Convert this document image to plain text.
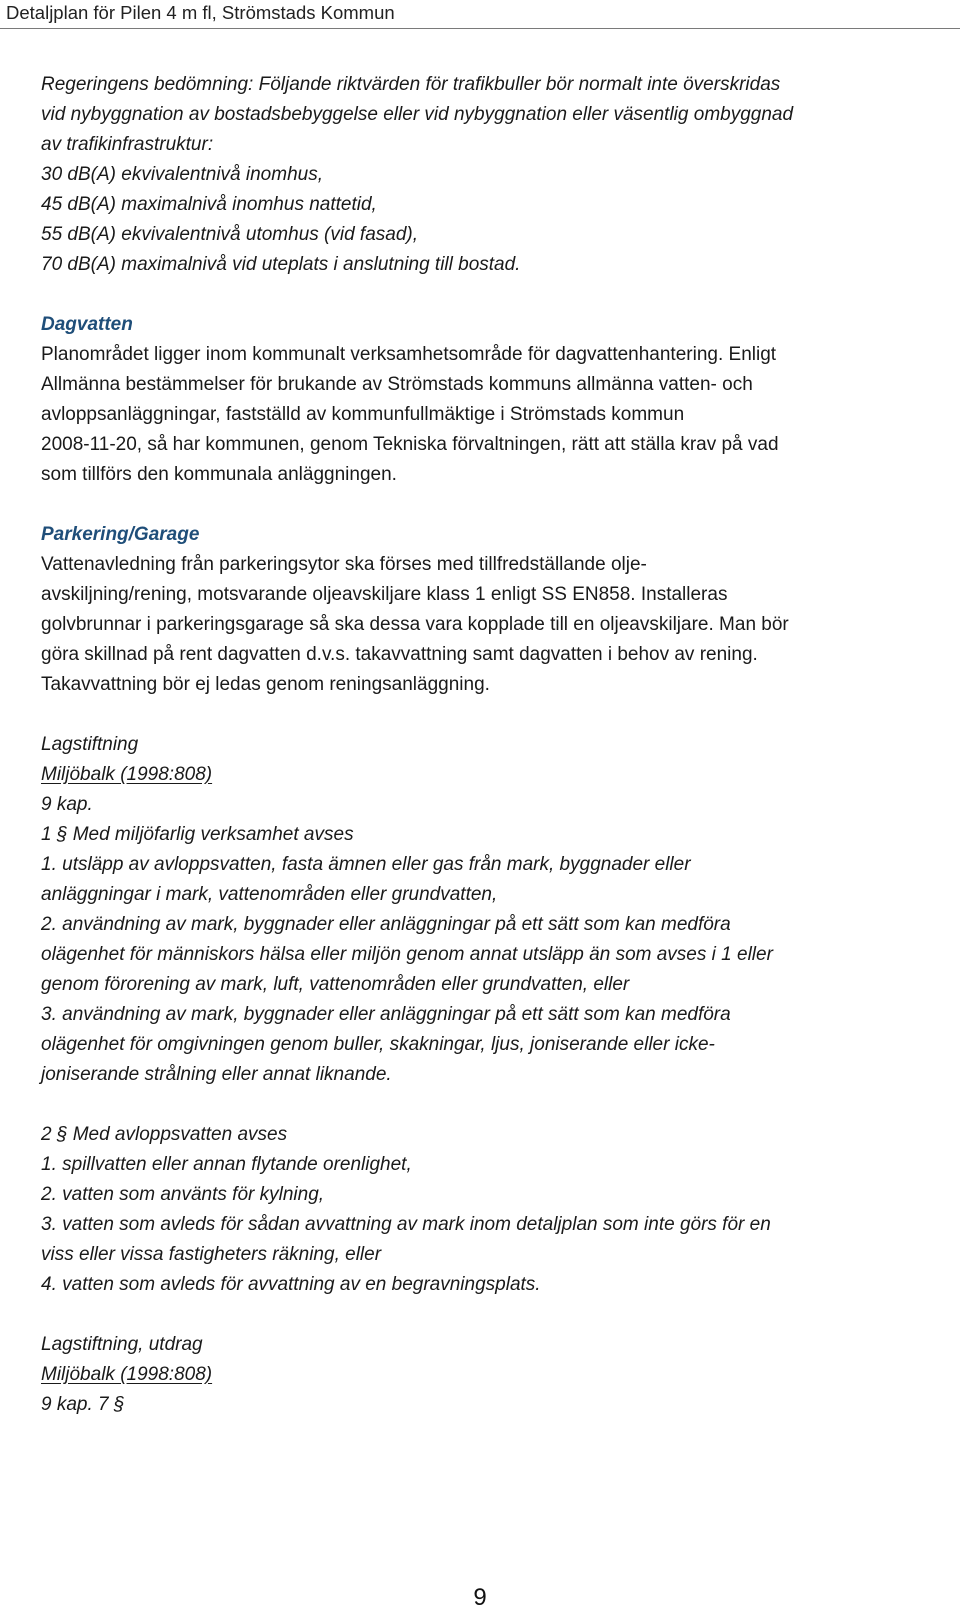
Detaljplan för Pilen 4 m fl, Strömstads Kommun
Regeringens bedömning: Följande riktvärden för trafikbuller bör normalt inte överskridas
vid nybyggnation av bostadsbebyggelse eller vid nybyggnation eller väsentlig ombyggnad
av trafikinfrastruktur:
30 dB(A) ekvivalentnivå inomhus,
45 dB(A) maximalnivå inomhus nattetid,
55 dB(A) ekvivalentnivå utomhus (vid fasad),
70 dB(A) maximalnivå vid uteplats i anslutning till bostad.
Dagvatten
Planområdet ligger inom kommunalt verksamhetsområde för dagvattenhantering. Enligt
Allmänna bestämmelser för brukande av Strömstads kommuns allmänna vatten- och
avloppsanläggningar, fastställd av kommunfullmäktige i Strömstads kommun
2008-11-20, så har kommunen, genom Tekniska förvaltningen, rätt att ställa krav på vad
som tillförs den kommunala anläggningen.
Parkering/Garage
Vattenavledning från parkeringsytor ska förses med tillfredställande olje-
avskiljning/rening, motsvarande oljeavskiljare klass 1 enligt SS EN858. Installeras
golvbrunnar i parkeringsgarage så ska dessa vara kopplade till en oljeavskiljare. Man bör
göra skillnad på rent dagvatten d.v.s. takavvattning samt dagvatten i behov av rening.
Takavvattning bör ej ledas genom reningsanläggning.
Lagstiftning
Miljöbalk (1998:808)
9 kap.
1 § Med miljöfarlig verksamhet avses
1. utsläpp av avloppsvatten, fasta ämnen eller gas från mark, byggnader eller
anläggningar i mark, vattenområden eller grundvatten,
2. användning av mark, byggnader eller anläggningar på ett sätt som kan medföra
olägenhet för människors hälsa eller miljön genom annat utsläpp än som avses i 1 eller
genom förorening av mark, luft, vattenområden eller grundvatten, eller
3. användning av mark, byggnader eller anläggningar på ett sätt som kan medföra
olägenhet för omgivningen genom buller, skakningar, ljus, joniserande eller icke-
joniserande strålning eller annat liknande.
2 § Med avloppsvatten avses
1. spillvatten eller annan flytande orenlighet,
2. vatten som använts för kylning,
3. vatten som avleds för sådan avvattning av mark inom detaljplan som inte görs för en
viss eller vissa fastigheters räkning, eller
4. vatten som avleds för avvattning av en begravningsplats.
Lagstiftning, utdrag
Miljöbalk (1998:808)
9 kap. 7 §
9
